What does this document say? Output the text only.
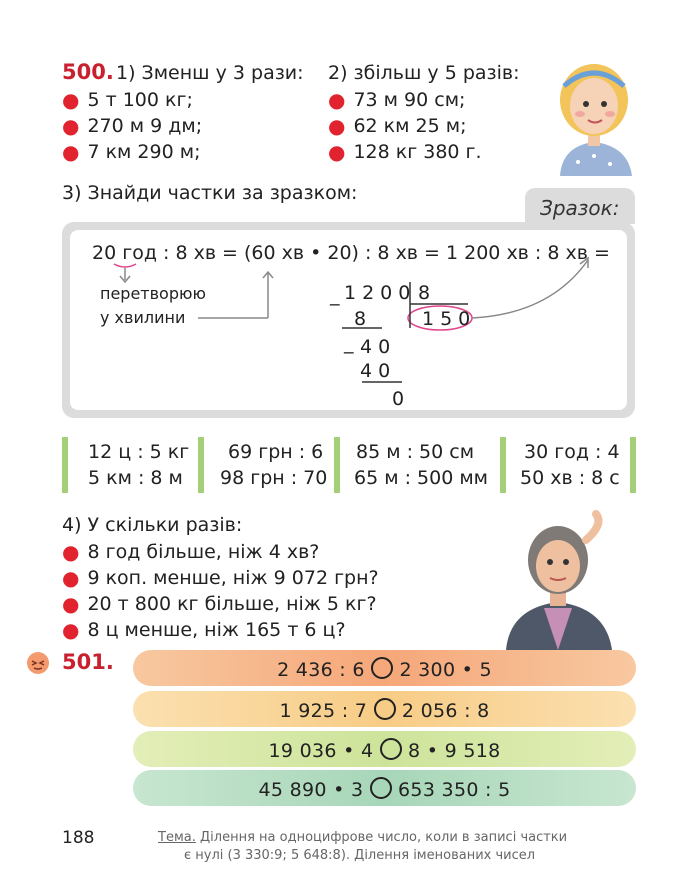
500. 1) Зменш у 3 рази: 2) збільш у 5 разів:
● 5 т 100 кг;
● 270 м 9 дм;
● 7 км 290 м;
● 73 м 90 см;
● 62 км 25 м;
● 128 кг 380 г.
3) Знайди частки за зразком:
Зразок:
20 год : 8 хв = (60 хв • 20) : 8 хв = 1 200 хв : 8 хв =
перетворюю
у хвилини
_ 1200 8
8	150
_ 40
40
0
12 ц : 5 кг
5 км : 8 м
69 грн : 6
98 грн : 70
85 м : 50 см
65 м : 500 мм
30 год : 4
50 хв : 8 с
4) У скільки разів:
● 8 год більше, ніж 4 хв?
● 9 коп. менше, ніж 9 072 грн?
● 20 т 800 кг більше, ніж 5 кг?
● 8 ц менше, ніж 165 т 6 ц?
501.	2 436 : 6 2 300 • 5
1 925 : 7 2 056 : 8
19 036 • 4 8 • 9 518
45 890 • 3 653 350 : 5
188	Тема. Ділення на одноцифрове число, коли в записі частки
є нулі (3 330:9; 5 648:8). Ділення іменованих чисел
